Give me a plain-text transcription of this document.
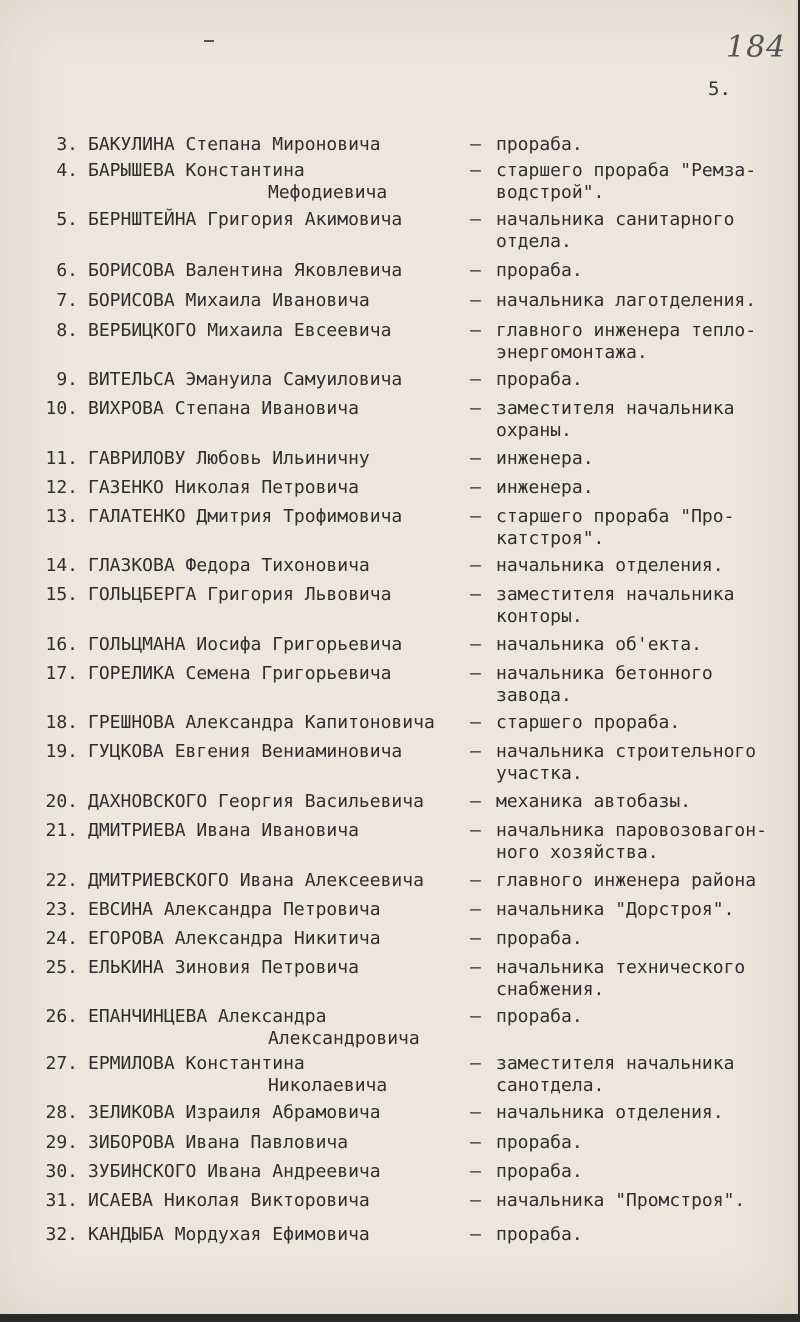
184
5.
3. БАКУЛИНА Степана Мироновича	– прораба.
4. БАРЫШЕВА Константина
Мефодиевича
– старшего прораба "Ремза-
водстрой".
5. БЕРНШТЕЙНА Григория Акимовича	– начальника санитарного
отдела.
6. БОРИСОВА Валентина Яковлевича	– прораба.
7. БОРИСОВА Михаила Ивановича	– начальника лаготделения.
8. ВЕРБИЦКОГО Михаила Евсеевича	– главного инженера тепло-
энергомонтажа.
9. ВИТЕЛЬСА Эмануила Самуиловича	– прораба.
10. ВИХРОВА Степана Ивановича	– заместителя начальника
охраны.
11. ГАВРИЛОВУ Любовь Ильиничну	– инженера.
12. ГАЗЕНКО Николая Петровича	– инженера.
13. ГАЛАТЕНКО Дмитрия Трофимовича	– старшего прораба "Про-
катстроя".
14. ГЛАЗКОВА Федора Тихоновича	– начальника отделения.
15. ГОЛЬЦБЕРГА Григория Львовича	– заместителя начальника
конторы.
16. ГОЛЬЦМАНА Иосифа Григорьевича	– начальника об'екта.
17. ГОРЕЛИКА Семена Григорьевича	– начальника бетонного
завода.
18. ГРЕШНОВА Александра Капитоновича – старшего прораба.
19. ГУЦКОВА Евгения Вениаминовича	– начальника строительного
участка.
20. ДАХНОВСКОГО Георгия Васильевича	– механика автобазы.
21. ДМИТРИЕВА Ивана Ивановича	– начальника паровозовагон-
ного хозяйства.
22. ДМИТРИЕВСКОГО Ивана Алексеевича	– главного инженера района
23. ЕВСИНА Александра Петровича	– начальника "Дорстроя".
24. ЕГОРОВА Александра Никитича	– прораба.
25. ЕЛЬКИНА Зиновия Петровича	– начальника технического
снабжения.
26. ЕПАНЧИНЦЕВА Александра
Александровича
– прораба.
27. ЕРМИЛОВА Константина
Николаевича
– заместителя начальника
санотдела.
28. ЗЕЛИКОВА Израиля Абрамовича	– начальника отделения.
29. ЗИБОРОВА Ивана Павловича	– прораба.
30. ЗУБИНСКОГО Ивана Андреевича	– прораба.
31. ИСАЕВА Николая Викторовича	– начальника "Промстроя".
32. КАНДЫБА Мордухая Ефимовича	– прораба.
